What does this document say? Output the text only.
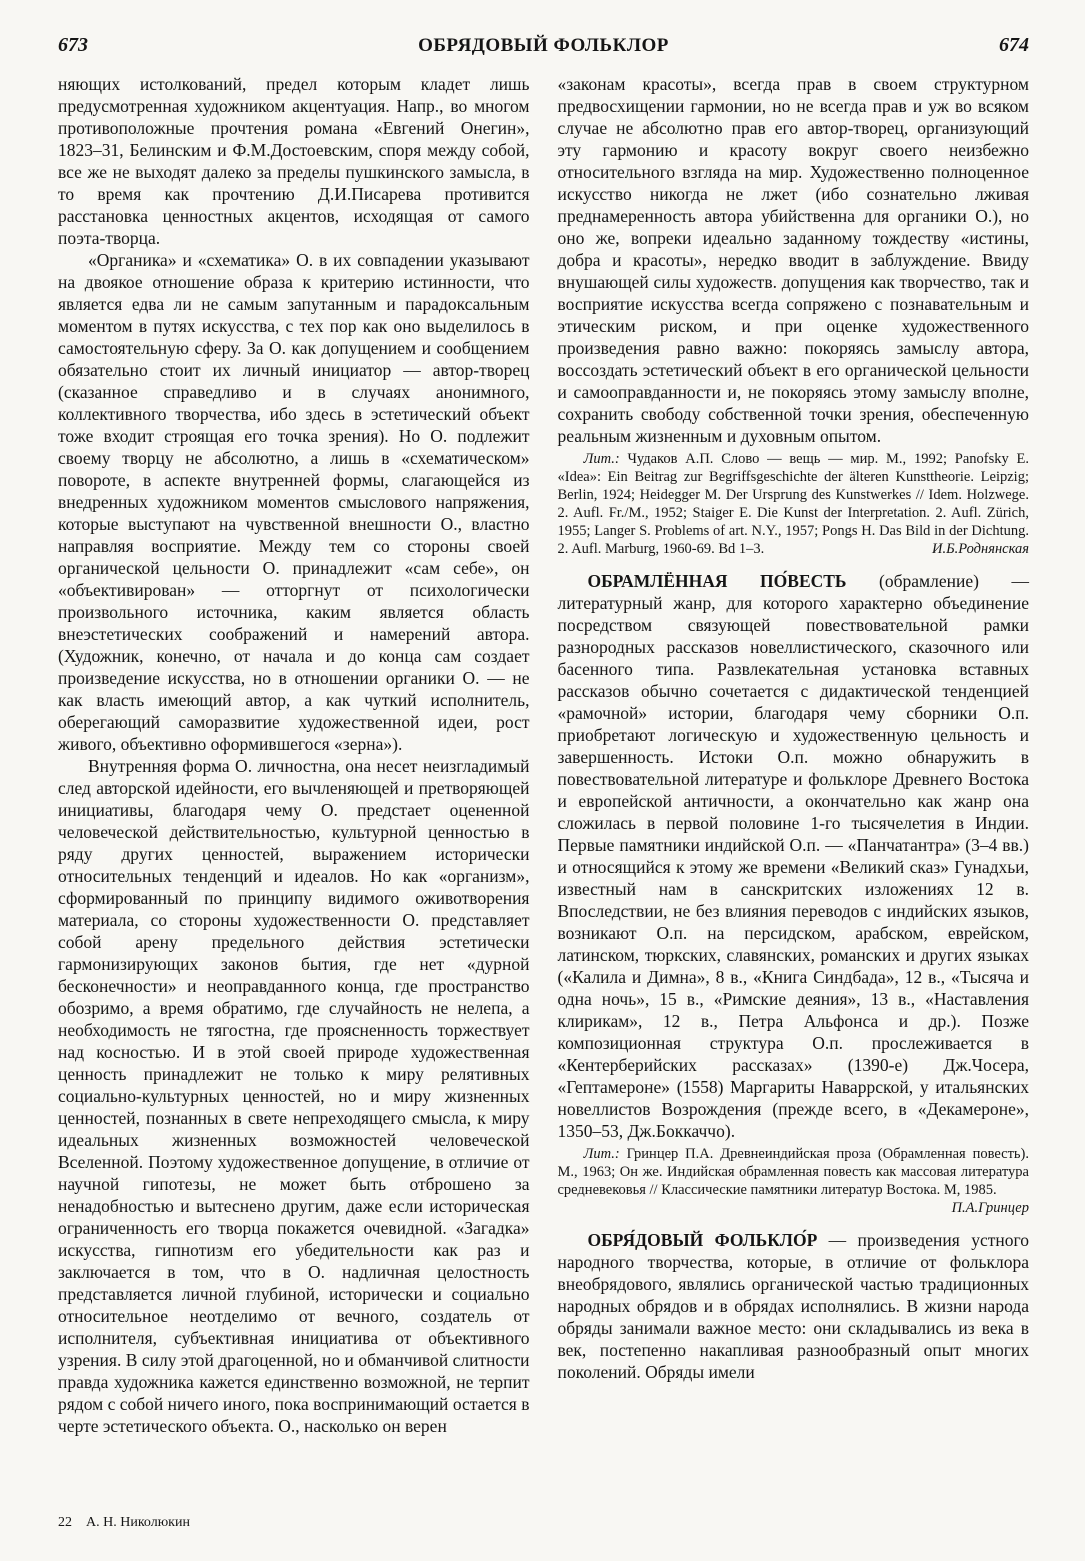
673	ОБРЯДОВЫЙ ФОЛЬКЛОР	674

няющих истолкований, предел которым кладет лишь предусмотренная художником акцентуация. Напр., во многом противоположные прочтения романа «Евгений Онегин», 1823–31, Белинским и Ф.М.Достоевским, споря между собой, все же не выходят далеко за пределы пушкинского замысла, в то время как прочтению Д.И.Писарева противится расстановка ценностных акцентов, исходящая от самого поэта-творца.

«Органика» и «схематика» О. в их совпадении указывают на двоякое отношение образа к критерию истинности, что является едва ли не самым запутанным и парадоксальным моментом в путях искусства, с тех пор как оно выделилось в самостоятельную сферу. За О. как допущением и сообщением обязательно стоит их личный инициатор — автор-творец (сказанное справедливо и в случаях анонимного, коллективного творчества, ибо здесь в эстетический объект тоже входит строящая его точка зрения). Но О. подлежит своему творцу не абсолютно, а лишь в «схематическом» повороте, в аспекте внутренней формы, слагающейся из внедренных художником моментов смыслового напряжения, которые выступают на чувственной внешности О., властно направляя восприятие. Между тем со стороны своей органической цельности О. принадлежит «сам себе», он «объективирован» — отторгнут от психологически произвольного источника, каким является область внеэстетических соображений и намерений автора. (Художник, конечно, от начала и до конца сам создает произведение искусства, но в отношении органики О. — не как власть имеющий автор, а как чуткий исполнитель, оберегающий саморазвитие художественной идеи, рост живого, объективно оформившегося «зерна»).

Внутренняя форма О. личностна, она несет неизгладимый след авторской идейности, его вычленяющей и претворяющей инициативы, благодаря чему О. предстает оцененной человеческой действительностью, культурной ценностью в ряду других ценностей, выражением исторически относительных тенденций и идеалов. Но как «организм», сформированный по принципу видимого оживотворения материала, со стороны художественности О. представляет собой арену предельного действия эстетически гармонизирующих законов бытия, где нет «дурной бесконечности» и неоправданного конца, где пространство обозримо, а время обратимо, где случайность не нелепа, а необходимость не тягостна, где проясненность торжествует над косностью. И в этой своей природе художественная ценность принадлежит не только к миру релятивных социально-культурных ценностей, но и миру жизненных ценностей, познанных в свете непреходящего смысла, к миру идеальных жизненных возможностей человеческой Вселенной. Поэтому художественное допущение, в отличие от научной гипотезы, не может быть отброшено за ненадобностью и вытеснено другим, даже если историческая ограниченность его творца покажется очевидной. «Загадка» искусства, гипнотизм его убедительности как раз и заключается в том, что в О. надличная целостность представляется личной глубиной, исторически и социально относительное неотделимо от вечного, создатель от исполнителя, субъективная инициатива от объективного узрения. В силу этой драгоценной, но и обманчивой слитности правда художника кажется единственно возможной, не терпит рядом с собой ничего иного, пока воспринимающий остается в черте эстетического объекта. О., насколько он верен

«законам красоты», всегда прав в своем структурном предвосхищении гармонии, но не всегда прав и уж во всяком случае не абсолютно прав его автор-творец, организующий эту гармонию и красоту вокруг своего неизбежно относительного взгляда на мир. Художественно полноценное искусство никогда не лжет (ибо сознательно лживая преднамеренность автора убийственна для органики О.), но оно же, вопреки идеально заданному тождеству «истины, добра и красоты», нередко вводит в заблуждение. Ввиду внушающей силы художеств. допущения как творчество, так и восприятие искусства всегда сопряжено с познавательным и этическим риском, и при оценке художественного произведения равно важно: покоряясь замыслу автора, воссоздать эстетический объект в его органической цельности и самооправданности и, не покоряясь этому замыслу вполне, сохранить свободу собственной точки зрения, обеспеченную реальным жизненным и духовным опытом.

Лит.: Чудаков А.П. Слово — вещь — мир. М., 1992; Panofsky E. «Idea»: Ein Beitrag zur Begriffsgeschichte der älteren Kunsttheorie. Leipzig; Berlin, 1924; Heidegger M. Der Ursprung des Kunstwerkes // Idem. Holzwege. 2. Aufl. Fr./M., 1952; Staiger E. Die Kunst der Interpretation. 2. Aufl. Zürich, 1955; Langer S. Problems of art. N.Y., 1957; Pongs H. Das Bild in der Dichtung. 2. Aufl. Marburg, 1960-69. Bd 1–3.	И.Б.Роднянская

ОБРАМЛЁННАЯ ПО́ВЕСТЬ (обрамление) — литературный жанр, для которого характерно объединение посредством связующей повествовательной рамки разнородных рассказов новеллистического, сказочного или басенного типа. Развлекательная установка вставных рассказов обычно сочетается с дидактической тенденцией «рамочной» истории, благодаря чему сборники О.п. приобретают логическую и художественную цельность и завершенность. Истоки О.п. можно обнаружить в повествовательной литературе и фольклоре Древнего Востока и европейской античности, а окончательно как жанр она сложилась в первой половине 1-го тысячелетия в Индии. Первые памятники индийской О.п. — «Панчатантра» (3–4 вв.) и относящийся к этому же времени «Великий сказ» Гунадхьи, известный нам в санскритских изложениях 12 в. Впоследствии, не без влияния переводов с индийских языков, возникают О.п. на персидском, арабском, еврейском, латинском, тюркских, славянских, романских и других языках («Калила и Димна», 8 в., «Книга Синдбада», 12 в., «Тысяча и одна ночь», 15 в., «Римские деяния», 13 в., «Наставления клирикам», 12 в., Петра Альфонса и др.). Позже композиционная структура О.п. прослеживается в «Кентерберийских рассказах» (1390-е) Дж.Чосера, «Гептамероне» (1558) Маргариты Наваррской, у итальянских новеллистов Возрождения (прежде всего, в «Декамероне», 1350–53, Дж.Боккаччо).

Лит.: Гринцер П.А. Древнеиндийская проза (Обрамленная повесть). М., 1963; Он же. Индийская обрамленная повесть как массовая литература средневековья // Классические памятники литератур Востока. М, 1985.
П.А.Гринцер

ОБРЯ́ДОВЫЙ ФОЛЬКЛО́Р — произведения устного народного творчества, которые, в отличие от фольклора внеобрядового, являлись органической частью традиционных народных обрядов и в обрядах исполнялись. В жизни народа обряды занимали важное место: они складывались из века в век, постепенно накапливая разнообразный опыт многих поколений. Обряды имели

22 А. Н. Николюкин
